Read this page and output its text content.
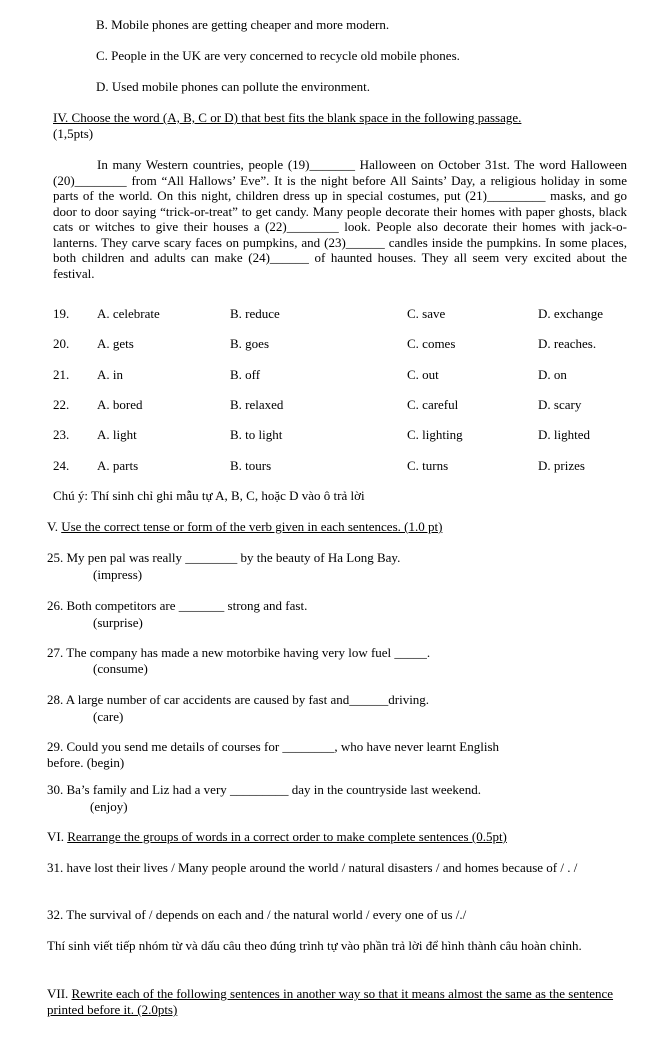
B. Mobile phones are getting cheaper and more modern.
C. People in the UK are very concerned to recycle old mobile phones.
D. Used mobile phones can pollute the environment.
IV. Choose the word (A, B, C or D) that best fits the blank space in the following passage.
(1,5pts)
In many Western countries, people (19)_______ Halloween on October 31st. The word Halloween (20)________ from “All Hallows’ Eve”. It is the night before All Saints’ Day, a religious holiday in some parts of the world. On this night, children dress up in special costumes, put (21)_________ masks, and go door to door saying “trick-or-treat” to get candy. Many people decorate their homes with paper ghosts, black cats or witches to give their houses a (22)________ look. People also decorate their homes with jack-o-lanterns. They carve scary faces on pumpkins, and (23)______ candles inside the pumpkins. In some places, both children and adults can make (24)______ of haunted houses. They all seem very excited about the festival.
19. A. celebrate	B. reduce	C. save	D. exchange
20. A. gets	B. goes	C. comes	D. reaches.
21. A. in	B. off	C. out	D. on
22. A. bored	B. relaxed	C. careful	D. scary
23. A. light	B. to light	C. lighting	D. lighted
24. A. parts	B. tours	C. turns	D. prizes
Chú ý: Thí sinh chỉ ghi mẫu tự A, B, C, hoặc D vào ô trả lời
V. Use the correct tense or form of the verb given in each sentences. (1.0 pt)
25. My pen pal was really ________ by the beauty of Ha Long Bay.
(impress)
26. Both competitors are _______ strong and fast.
(surprise)
27. The company has made a new motorbike having very low fuel _____.
(consume)
28. A large number of car accidents are caused by fast and______driving.
(care)
29. Could you send me details of courses for ________, who have never learnt English
before. (begin)
30. Ba’s family and Liz had a very _________ day in the countryside last weekend.
(enjoy)
VI. Rearrange the groups of words in a correct order to make complete sentences (0.5pt)
31. have lost their lives / Many people around the world / natural disasters / and homes because of / . /
32. The survival of / depends on each and / the natural world / every one of us /./
Thí sinh viết tiếp nhóm từ và dấu câu theo đúng trình tự vào phần trả lời để hình thành câu hoàn chỉnh.
VII. Rewrite each of the following sentences in another way so that it means almost the same as the sentence printed before it. (2.0pts)
